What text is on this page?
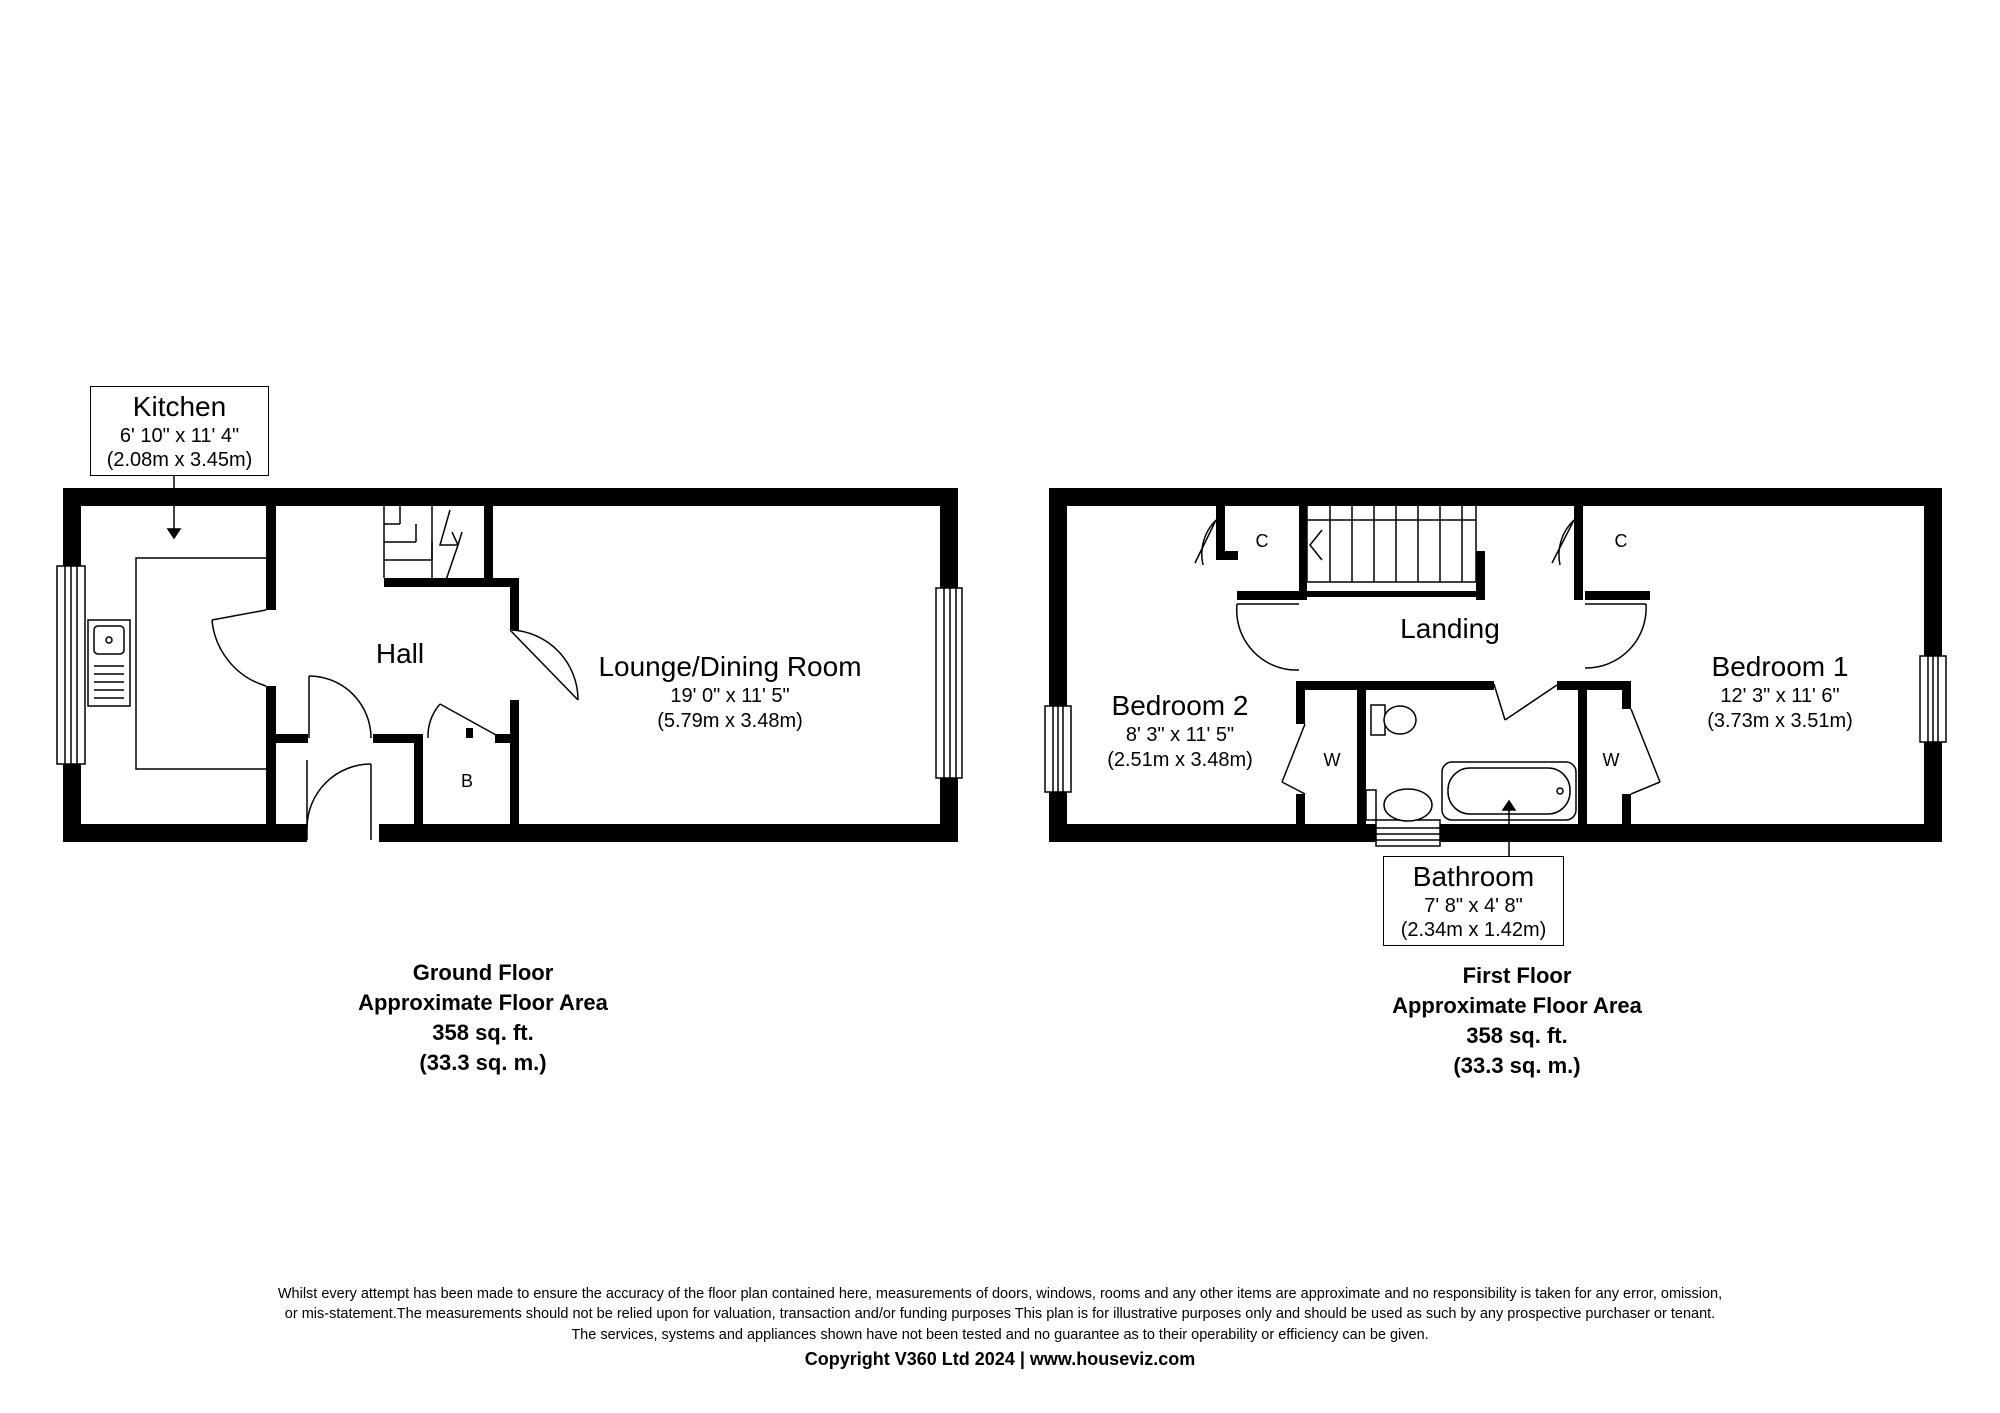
Kitchen
6' 10" x 11' 4"
(2.08m x 3.45m)
Hall	Lounge/Dining Room
19' 0" x 11' 5"
(5.79m x 3.48m)
B
Ground Floor
Approximate Floor Area
358 sq. ft.
(33.3 sq. m.)
C	C
Landing
Bedroom 1
12' 3" x 11' 6"
(3.73m x 3.51m)
Bedroom 2
8' 3" x 11' 5"
(2.51m x 3.48m)	W	W
Bathroom
7' 8" x 4' 8"
(2.34m x 1.42m)
First Floor
Approximate Floor Area
358 sq. ft.
(33.3 sq. m.)
Whilst every attempt has been made to ensure the accuracy of the floor plan contained here, measurements of doors, windows, rooms and any other items are approximate and no responsibility is taken for any error, omission,
or mis-statement.The measurements should not be relied upon for valuation, transaction and/or funding purposes This plan is for illustrative purposes only and should be used as such by any prospective purchaser or tenant.
The services, systems and appliances shown have not been tested and no guarantee as to their operability or efficiency can be given.
Copyright V360 Ltd 2024 | www.houseviz.com
